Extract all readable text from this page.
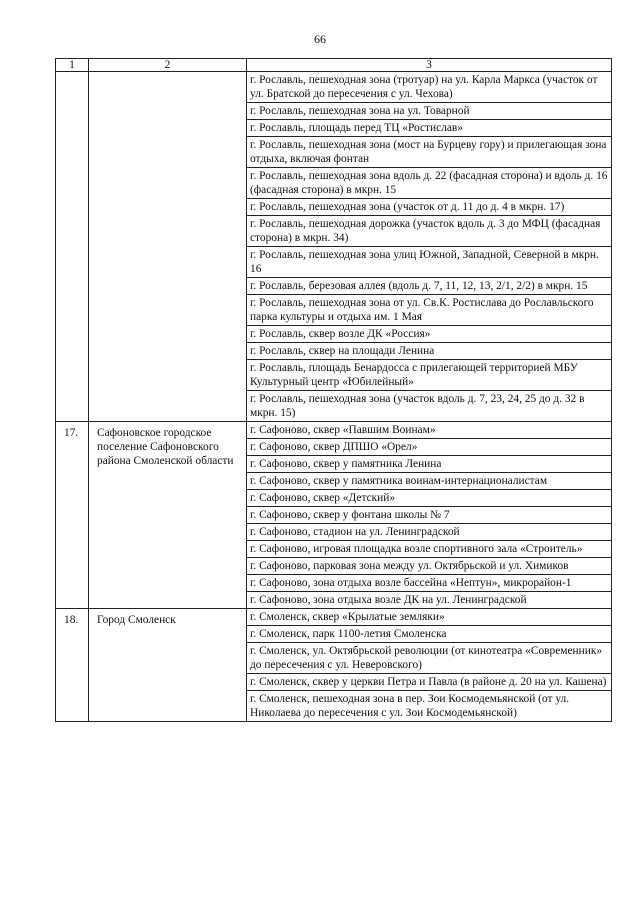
66
1	2	3
		г. Рославль, пешеходная зона (тротуар) на ул. Карла Маркса (участок от ул. Братской до пересечения с ул. Чехова)
		г. Рославль, пешеходная зона на ул. Товарной
		г. Рославль, площадь перед ТЦ «Ростислав»
		г. Рославль, пешеходная зона (мост на Бурцеву гору) и прилегающая зона отдыха, включая фонтан
		г. Рославль, пешеходная зона вдоль д. 22 (фасадная сторона) и вдоль д. 16 (фасадная сторона) в мкрн. 15
		г. Рославль, пешеходная зона (участок от д. 11 до д. 4 в мкрн. 17)
		г. Рославль, пешеходная дорожка (участок вдоль д. 3 до МФЦ (фасадная сторона) в мкрн. 34)
		г. Рославль, пешеходная зона улиц Южной, Западной, Северной в мкрн. 16
		г. Рославль, березовая аллея (вдоль д. 7, 11, 12, 13, 2/1, 2/2) в мкрн. 15
		г. Рославль, пешеходная зона от ул. Св.К. Ростислава до Рославльского парка культуры и отдыха им. 1 Мая
		г. Рославль, сквер возле ДК «Россия»
		г. Рославль, сквер на площади Ленина
		г. Рославль, площадь Бенардосса с прилегающей территорией МБУ Культурный центр «Юбилейный»
		г. Рославль, пешеходная зона (участок вдоль д. 7, 23, 24, 25 до д. 32 в мкрн. 15)
17.	Сафоновское городское поселение Сафоновского района Смоленской области	г. Сафоново, сквер «Павшим Воинам»
		г. Сафоново, сквер ДПШО «Орел»
		г. Сафоново, сквер у памятника Ленина
		г. Сафоново, сквер у памятника воинам-интернационалистам
		г. Сафоново, сквер «Детский»
		г. Сафоново, сквер у фонтана школы № 7
		г. Сафоново, стадион на ул. Ленинградской
		г. Сафоново, игровая площадка возле спортивного зала «Строитель»
		г. Сафоново, парковая зона между ул. Октябрьской и ул. Химиков
		г. Сафоново, зона отдыха возле бассейна «Нептун», микрорайон-1
		г. Сафоново, зона отдыха возле ДК на ул. Ленинградской
18.	Город Смоленск	г. Смоленск, сквер «Крылатые земляки»
		г. Смоленск, парк 1100-летия Смоленска
		г. Смоленск, ул. Октябрьской революции (от кинотеатра «Современник» до пересечения с ул. Неверовского)
		г. Смоленск, сквер у церкви Петра и Павла (в районе д. 20 на ул. Кашена)
		г. Смоленск, пешеходная зона в пер. Зои Космодемьянской (от ул. Николаева до пересечения с ул. Зои Космодемьянской)
